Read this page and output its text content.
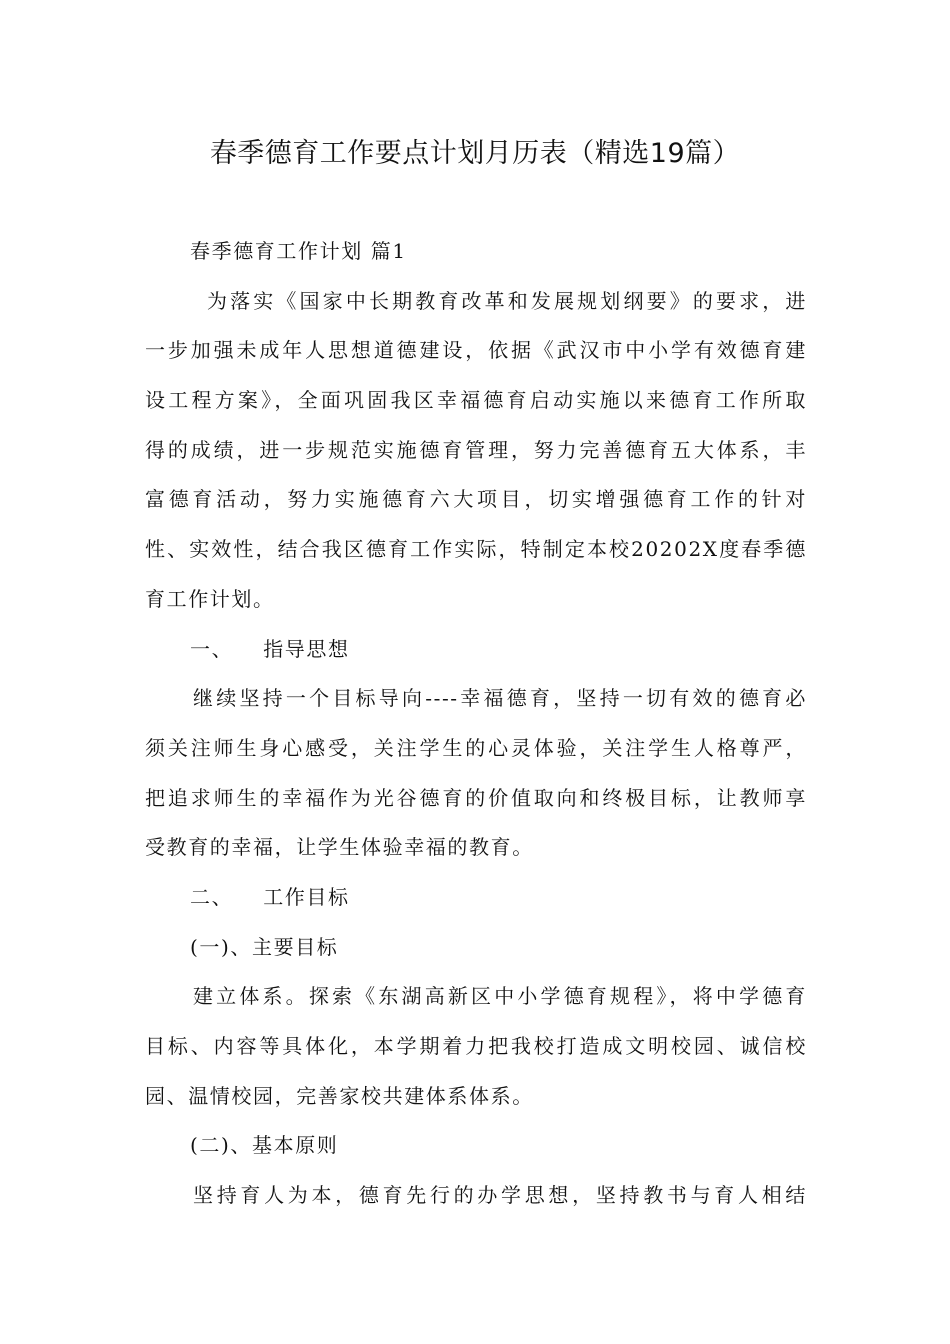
春季德育工作要点计划月历表（精选19篇）
春季德育工作计划 篇1
为落实《国家中长期教育改革和发展规划纲要》的要求，进
一步加强未成年人思想道德建设，依据《武汉市中小学有效德育建
设工程方案》，全面巩固我区幸福德育启动实施以来德育工作所取
得的成绩，进一步规范实施德育管理，努力完善德育五大体系，丰
富德育活动，努力实施德育六大项目，切实增强德育工作的针对
性、实效性，结合我区德育工作实际，特制定本校20202X度春季德
育工作计划。
一、 指导思想
继续坚持一个目标导向----幸福德育，坚持一切有效的德育必
须关注师生身心感受，关注学生的心灵体验，关注学生人格尊严，
把追求师生的幸福作为光谷德育的价值取向和终极目标，让教师享
受教育的幸福，让学生体验幸福的教育。
二、 工作目标
(一)、主要目标
建立体系。探索《东湖高新区中小学德育规程》，将中学德育
目标、内容等具体化，本学期着力把我校打造成文明校园、诚信校
园、温情校园，完善家校共建体系体系。
(二)、基本原则
坚持育人为本，德育先行的办学思想，坚持教书与育人相结
